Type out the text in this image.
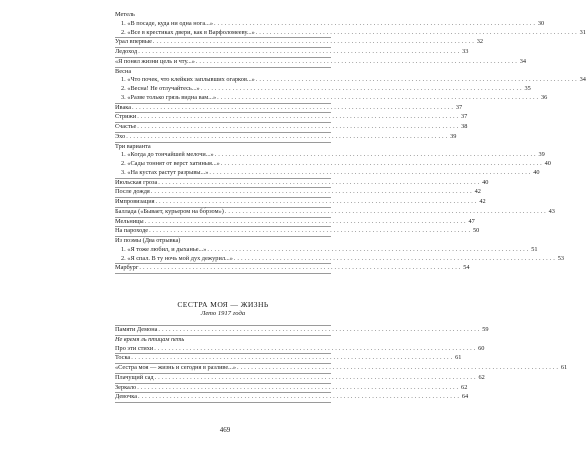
Метель
1. «В посаде, куда ни одна нога...» . . .	30
2. «Все в крестиках двери, как в Варфоломееву...» . . .	31
Урал впервые . . .	32
Ледоход . . .	33
«Я понял жизни цель и чту...» . . .	34
Весна
1. «Что почек, что клейких заплывших огарков...» . . .	34
2. «Весна! Не отлучайтесь...» . . .	35
3. «Разве только грязь видна вам...» . . .	36
Ивака . . .	37
Стрижи . . .	37
Счастье . . .	38
Эхо . . .	39
Три варианта
1. «Когда до тончайшей мелочи...» . . .	39
2. «Сады тоннят от верст хатиныя...» . . .	40
3. «На кустах растут разрывы...» . . .	40
Июльская гроза . . .	40
После дождя . . .	42
Импровизация . . .	42
Баллада («Бывает, курьером на бо́рзом») . . .	43
Мельницы . . .	47
На пароходе . . .	50
Из поэмы (Два отрывка)
1. «Я тоже любил, и дыханье...» . . .	51
2. «Я спал. В ту ночь мой дух дежурил...» . . .	53
Марбург . . .	54
СЕСТРА МОЯ — ЖИЗНЬ
Лето 1917 года
Памяти Демона . . .	59
Не время ль птицам петь
Про эти стихи . . .	60
Тоска . . .	61
«Сестра моя — жизнь и сегодня в разливе...» . . .	61
Плачущий сад . . .	62
Зеркало . . .	62
Девочка . . .	64
469
